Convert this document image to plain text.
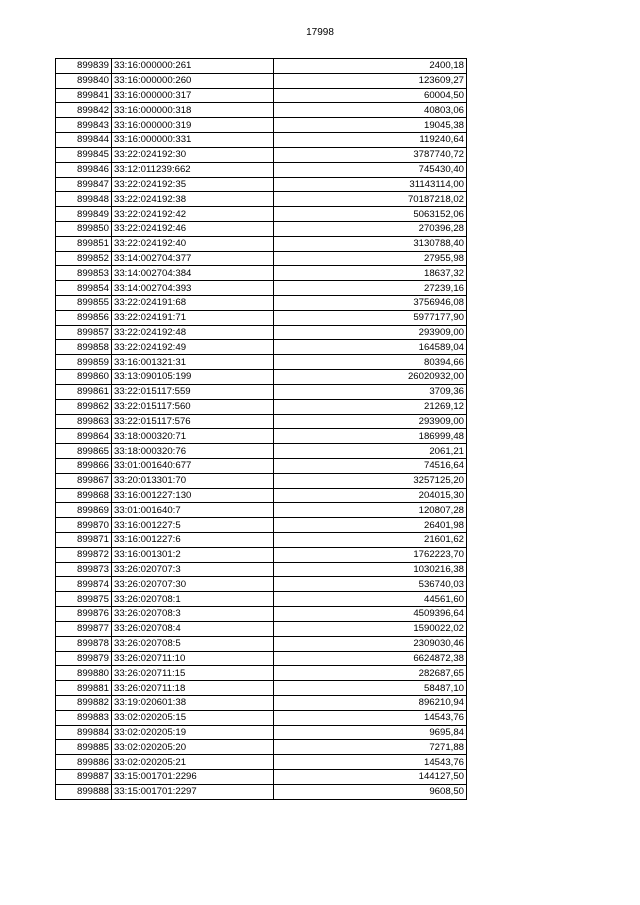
17998
899839	33:16:000000:261	2400,18
899840	33:16:000000:260	123609,27
899841	33:16:000000:317	60004,50
899842	33:16:000000:318	40803,06
899843	33:16:000000:319	19045,38
899844	33:16:000000:331	119240,64
899845	33:22:024192:30	3787740,72
899846	33:12:011239:662	745430,40
899847	33:22:024192:35	31143114,00
899848	33:22:024192:38	70187218,02
899849	33:22:024192:42	5063152,06
899850	33:22:024192:46	270396,28
899851	33:22:024192:40	3130788,40
899852	33:14:002704:377	27955,98
899853	33:14:002704:384	18637,32
899854	33:14:002704:393	27239,16
899855	33:22:024191:68	3756946,08
899856	33:22:024191:71	5977177,90
899857	33:22:024192:48	293909,00
899858	33:22:024192:49	164589,04
899859	33:16:001321:31	80394,66
899860	33:13:090105:199	26020932,00
899861	33:22:015117:559	3709,36
899862	33:22:015117:560	21269,12
899863	33:22:015117:576	293909,00
899864	33:18:000320:71	186999,48
899865	33:18:000320:76	2061,21
899866	33:01:001640:677	74516,64
899867	33:20:013301:70	3257125,20
899868	33:16:001227:130	204015,30
899869	33:01:001640:7	120807,28
899870	33:16:001227:5	26401,98
899871	33:16:001227:6	21601,62
899872	33:16:001301:2	1762223,70
899873	33:26:020707:3	1030216,38
899874	33:26:020707:30	536740,03
899875	33:26:020708:1	44561,60
899876	33:26:020708:3	4509396,64
899877	33:26:020708:4	1590022,02
899878	33:26:020708:5	2309030,46
899879	33:26:020711:10	6624872,38
899880	33:26:020711:15	282687,65
899881	33:26:020711:18	58487,10
899882	33:19:020601:38	896210,94
899883	33:02:020205:15	14543,76
899884	33:02:020205:19	9695,84
899885	33:02:020205:20	7271,88
899886	33:02:020205:21	14543,76
899887	33:15:001701:2296	144127,50
899888	33:15:001701:2297	9608,50
